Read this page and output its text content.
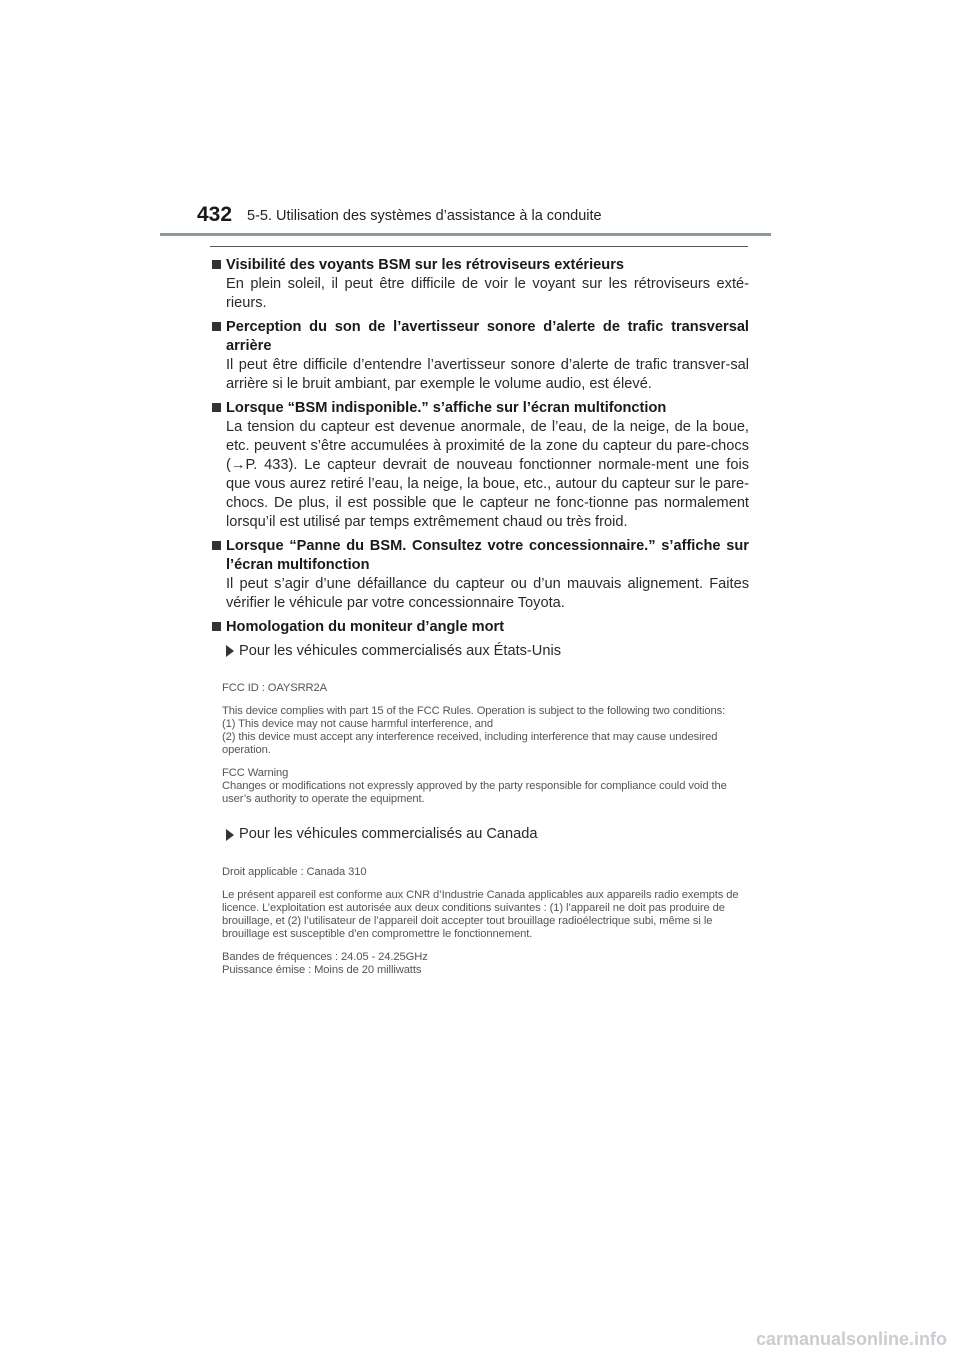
432 5-5. Utilisation des systèmes d’assistance à la conduite
Visibilité des voyants BSM sur les rétroviseurs extérieurs
En plein soleil, il peut être difficile de voir le voyant sur les rétroviseurs exté-rieurs.
Perception du son de l’avertisseur sonore d’alerte de trafic transversal arrière
Il peut être difficile d’entendre l’avertisseur sonore d’alerte de trafic transver-sal arrière si le bruit ambiant, par exemple le volume audio, est élevé.
Lorsque “BSM indisponible.” s’affiche sur l’écran multifonction
La tension du capteur est devenue anormale, de l’eau, de la neige, de la boue, etc. peuvent s’être accumulées à proximité de la zone du capteur du pare-chocs (→P. 433). Le capteur devrait de nouveau fonctionner normale-ment une fois que vous aurez retiré l’eau, la neige, la boue, etc., autour du capteur sur le pare-chocs. De plus, il est possible que le capteur ne fonc-tionne pas normalement lorsqu’il est utilisé par temps extrêmement chaud ou très froid.
Lorsque “Panne du BSM. Consultez votre concessionnaire.” s’affiche sur l’écran multifonction
Il peut s’agir d’une défaillance du capteur ou d’un mauvais alignement. Faites vérifier le véhicule par votre concessionnaire Toyota.
Homologation du moniteur d’angle mort
Pour les véhicules commercialisés aux États-Unis

FCC ID : OAYSRR2A

This device complies with part 15 of the FCC Rules. Operation is subject to the following two conditions:

(1) This device may not cause harmful interference, and

(2) this device must accept any interference received, including interference that may cause undesired operation.

FCC Warning

Changes or modifications not expressly approved by the party responsible for compliance could void the user’s authority to operate the equipment.

Pour les véhicules commercialisés au Canada

Droit applicable : Canada 310

Le présent appareil est conforme aux CNR d’Industrie Canada applicables aux appareils radio exempts de licence. L’exploitation est autorisée aux deux conditions suivantes : (1) l’appareil ne doit pas produire de brouillage, et (2) l’utilisateur de l’appareil doit accepter tout brouillage radioélectrique subi, même si le brouillage est susceptible d’en compromettre le fonctionnement.

Bandes de fréquences : 24.05 - 24.25GHz

Puissance émise : Moins de 20 milliwatts

carmanualsonline.info
